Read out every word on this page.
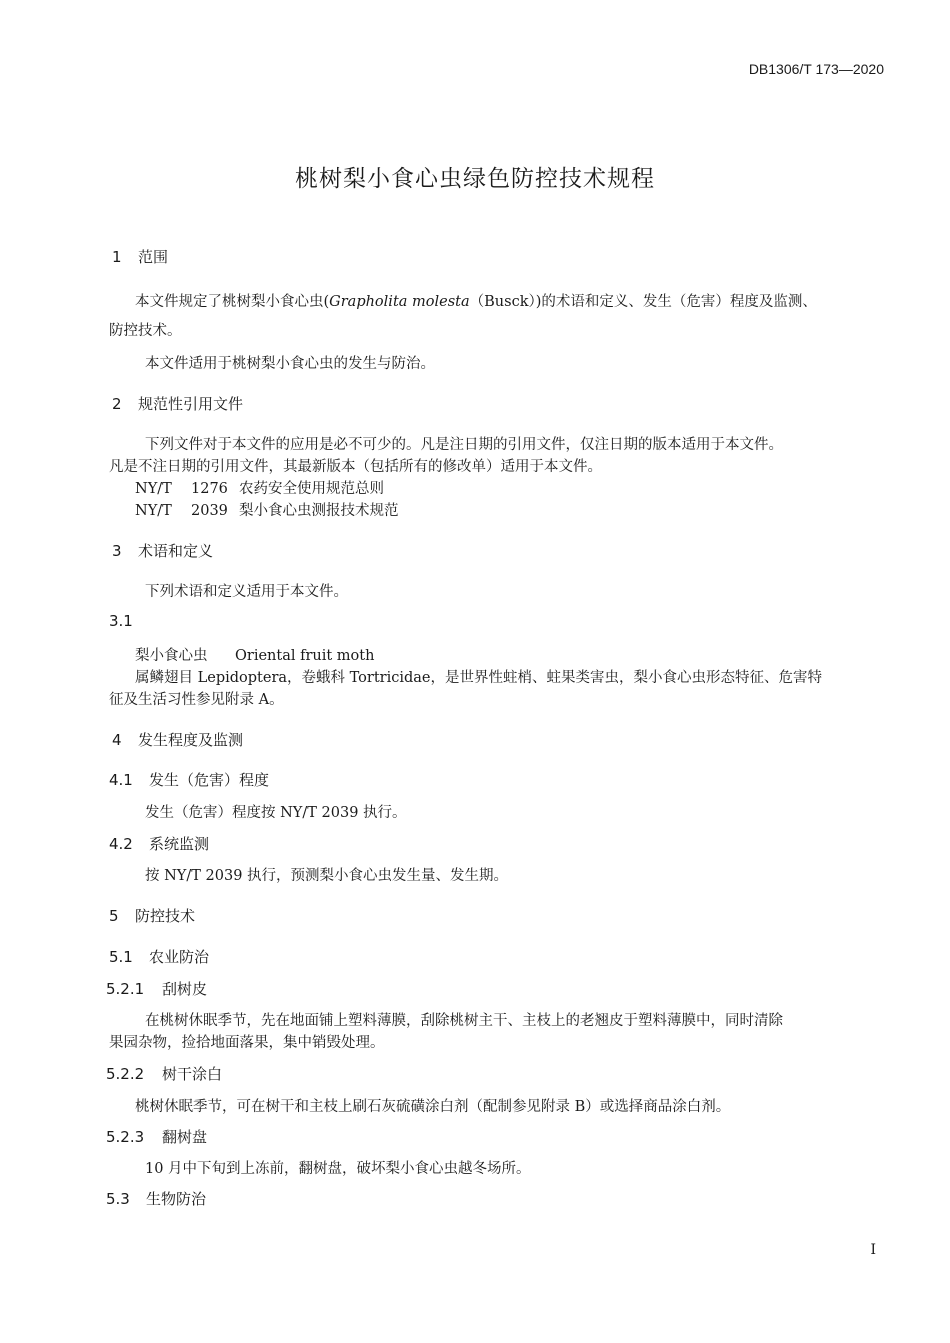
DB1306/T 173—2020
桃树梨小食心虫绿色防控技术规程
1 范围
本文件规定了桃树梨小食心虫(Grapholita molesta（Busck）)的术语和定义、发生（危害）程度及监测、
防控技术。
本文件适用于桃树梨小食心虫的发生与防治。
2 规范性引用文件
下列文件对于本文件的应用是必不可少的。凡是注日期的引用文件，仅注日期的版本适用于本文件。
凡是不注日期的引用文件，其最新版本（包括所有的修改单）适用于本文件。
NY/T 1276 农药安全使用规范总则
NY/T 2039 梨小食心虫测报技术规范
3 术语和定义
下列术语和定义适用于本文件。
3.1
梨小食心虫 Oriental fruit moth
属鳞翅目 Lepidoptera，卷蛾科 Tortricidae，是世界性蛀梢、蛀果类害虫，梨小食心虫形态特征、危害特
征及生活习性参见附录 A。
4 发生程度及监测
4.1 发生（危害）程度
发生（危害）程度按 NY/T 2039 执行。
4.2 系统监测
按 NY/T 2039 执行，预测梨小食心虫发生量、发生期。
5 防控技术
5.1 农业防治
5.2.1 刮树皮
在桃树休眠季节，先在地面铺上塑料薄膜，刮除桃树主干、主枝上的老翘皮于塑料薄膜中，同时清除
果园杂物，捡拾地面落果，集中销毁处理。
5.2.2 树干涂白
桃树休眠季节，可在树干和主枝上刷石灰硫磺涂白剂（配制参见附录 B）或选择商品涂白剂。
5.2.3 翻树盘
10 月中下旬到上冻前，翻树盘，破坏梨小食心虫越冬场所。
5.3 生物防治
I
